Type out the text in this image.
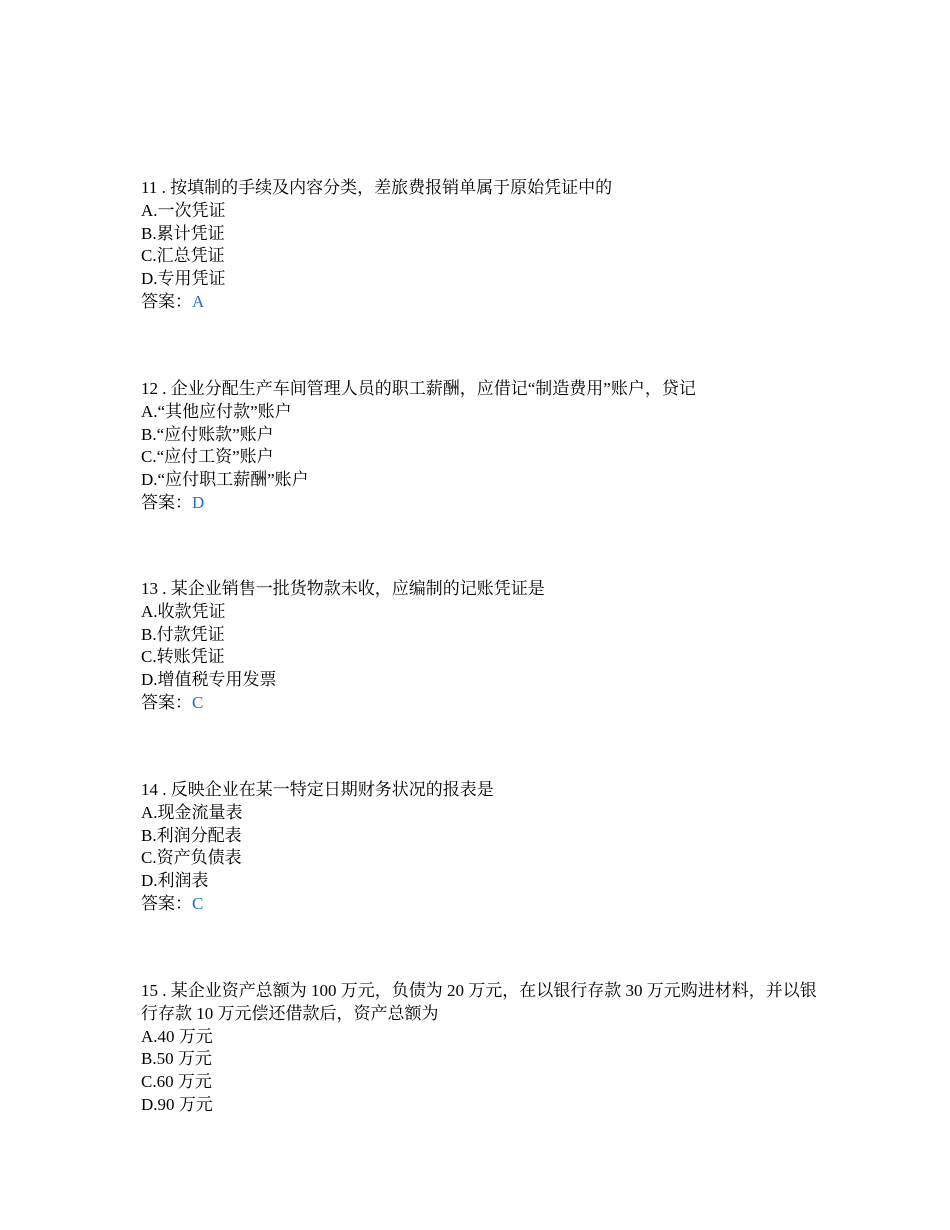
11 . 按填制的手续及内容分类，差旅费报销单属于原始凭证中的
A.一次凭证
B.累计凭证
C.汇总凭证
D.专用凭证
答案：A
12 . 企业分配生产车间管理人员的职工薪酬，应借记“制造费用”账户，贷记
A.“其他应付款”账户
B.“应付账款”账户
C.“应付工资”账户
D.“应付职工薪酬”账户
答案：D
13 . 某企业销售一批货物款未收，应编制的记账凭证是
A.收款凭证
B.付款凭证
C.转账凭证
D.增值税专用发票
答案：C
14 . 反映企业在某一特定日期财务状况的报表是
A.现金流量表
B.利润分配表
C.资产负债表
D.利润表
答案：C
15 . 某企业资产总额为 100 万元，负债为 20 万元，在以银行存款 30 万元购进材料，并以银行存款 10 万元偿还借款后，资产总额为
A.40 万元
B.50 万元
C.60 万元
D.90 万元
